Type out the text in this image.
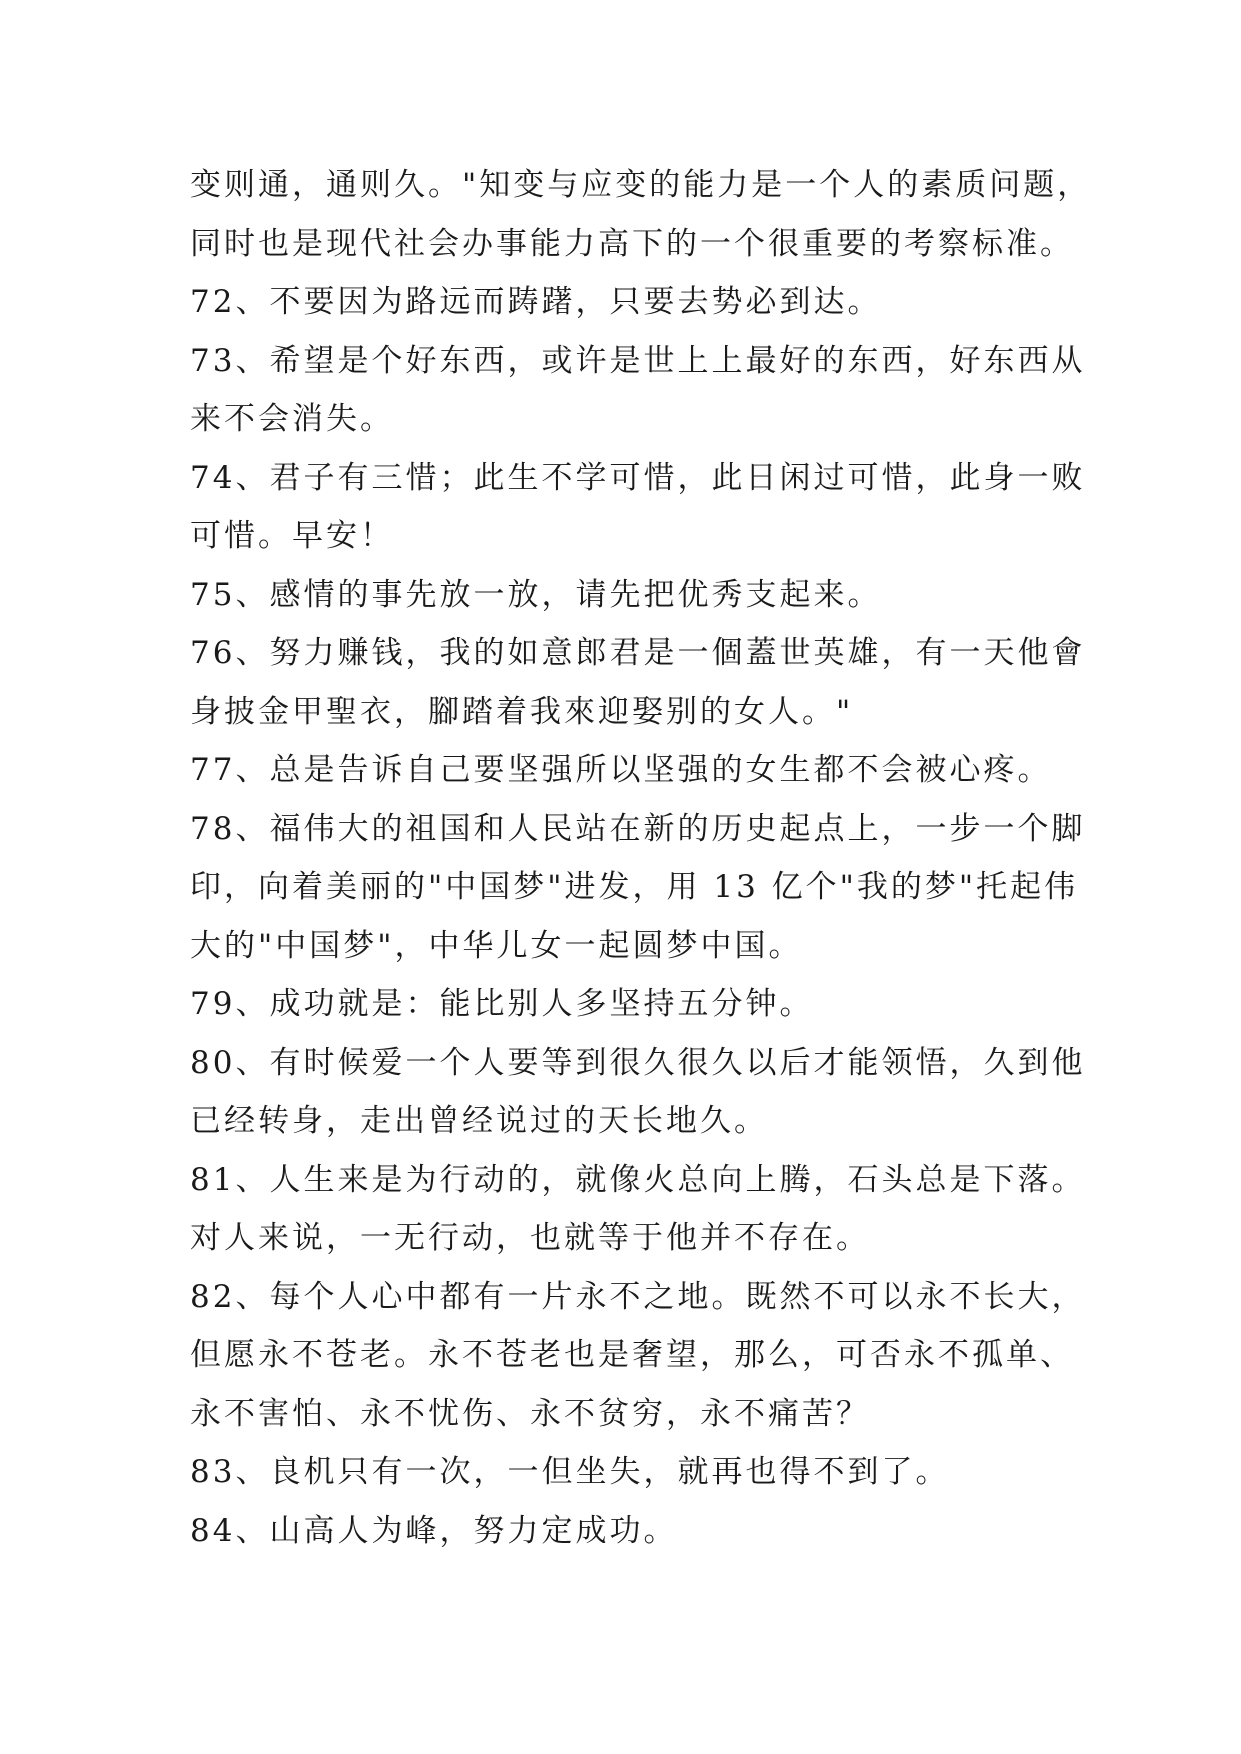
变则通，通则久。"知变与应变的能力是一个人的素质问题，
同时也是现代社会办事能力高下的一个很重要的考察标准。
72、不要因为路远而踌躇，只要去势必到达。
73、希望是个好东西，或许是世上上最好的东西，好东西从
来不会消失。
74、君子有三惜；此生不学可惜，此日闲过可惜，此身一败
可惜。早安！
75、感情的事先放一放，请先把优秀支起来。
76、努力赚钱，我的如意郎君是一個蓋世英雄，有一天他會
身披金甲聖衣，腳踏着我來迎娶别的女人。"
77、总是告诉自己要坚强所以坚强的女生都不会被心疼。
78、福伟大的祖国和人民站在新的历史起点上，一步一个脚
印，向着美丽的"中国梦"进发，用 13 亿个"我的梦"托起伟
大的"中国梦"，中华儿女一起圆梦中国。
79、成功就是：能比别人多坚持五分钟。
80、有时候爱一个人要等到很久很久以后才能领悟，久到他
已经转身，走出曾经说过的天长地久。
81、人生来是为行动的，就像火总向上腾，石头总是下落。
对人来说，一无行动，也就等于他并不存在。
82、每个人心中都有一片永不之地。既然不可以永不长大，
但愿永不苍老。永不苍老也是奢望，那么，可否永不孤单、
永不害怕、永不忧伤、永不贫穷，永不痛苦？
83、良机只有一次，一但坐失，就再也得不到了。
84、山高人为峰，努力定成功。
